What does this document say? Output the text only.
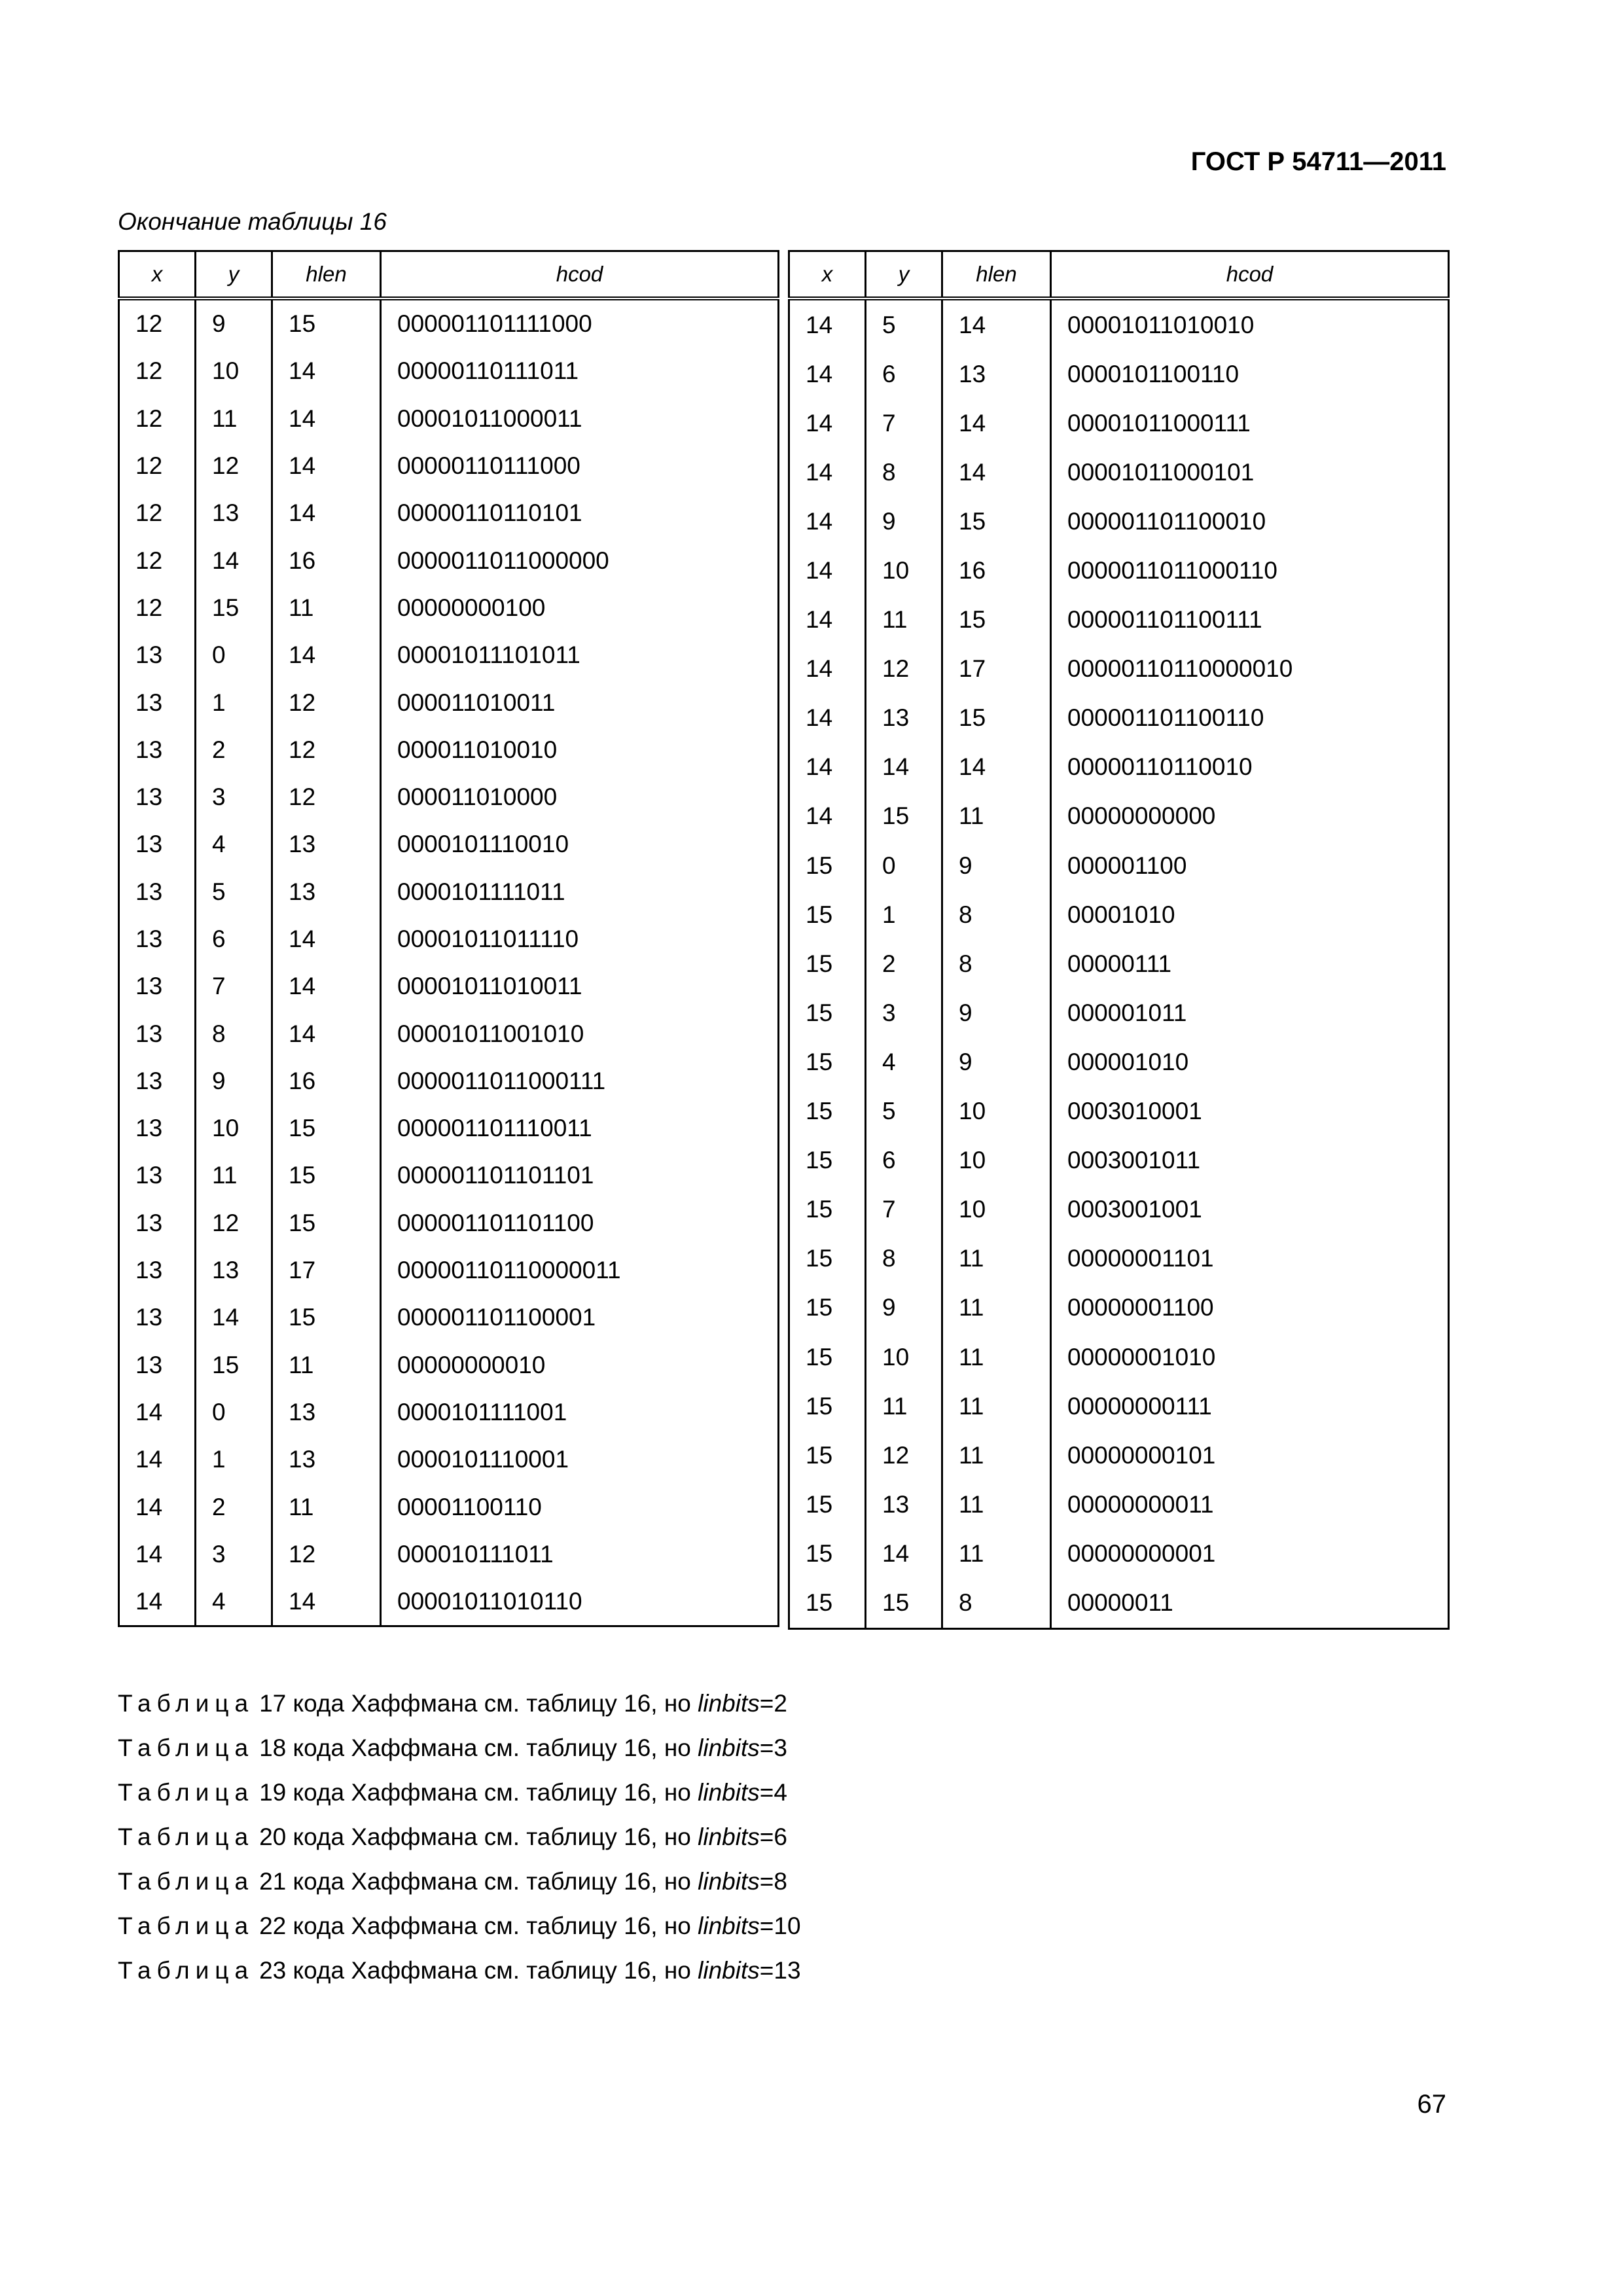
ГОСТ Р 54711—2011
Окончание таблицы 16
x	y	hlen	hcod
12	9	15	000001101111000
12	10	14	00000110111011
12	11	14	00001011000011
12	12	14	00000110111000
12	13	14	00000110110101
12	14	16	0000011011000000
12	15	11	00000000100
13	0	14	00001011101011
13	1	12	000011010011
13	2	12	000011010010
13	3	12	000011010000
13	4	13	0000101110010
13	5	13	0000101111011
13	6	14	00001011011110
13	7	14	00001011010011
13	8	14	00001011001010
13	9	16	0000011011000111
13	10	15	000001101110011
13	11	15	000001101101101
13	12	15	000001101101100
13	13	17	00000110110000011
13	14	15	000001101100001
13	15	11	00000000010
14	0	13	0000101111001
14	1	13	0000101110001
14	2	11	00001100110
14	3	12	000010111011
14	4	14	00001011010110
x	y	hlen	hcod
14	5	14	00001011010010
14	6	13	0000101100110
14	7	14	00001011000111
14	8	14	00001011000101
14	9	15	000001101100010
14	10	16	0000011011000110
14	11	15	000001101100111
14	12	17	00000110110000010
14	13	15	000001101100110
14	14	14	00000110110010
14	15	11	00000000000
15	0	9	000001100
15	1	8	00001010
15	2	8	00000111
15	3	9	000001011
15	4	9	000001010
15	5	10	0003010001
15	6	10	0003001011
15	7	10	0003001001
15	8	11	00000001101
15	9	11	00000001100
15	10	11	00000001010
15	11	11	00000000111
15	12	11	00000000101
15	13	11	00000000011
15	14	11	00000000001
15	15	8	00000011
Таблица 17 кода Хаффмана см. таблицу 16, но linbits=2
Таблица 18 кода Хаффмана см. таблицу 16, но linbits=3
Таблица 19 кода Хаффмана см. таблицу 16, но linbits=4
Таблица 20 кода Хаффмана см. таблицу 16, но linbits=6
Таблица 21 кода Хаффмана см. таблицу 16, но linbits=8
Таблица 22 кода Хаффмана см. таблицу 16, но linbits=10
Таблица 23 кода Хаффмана см. таблицу 16, но linbits=13
67
